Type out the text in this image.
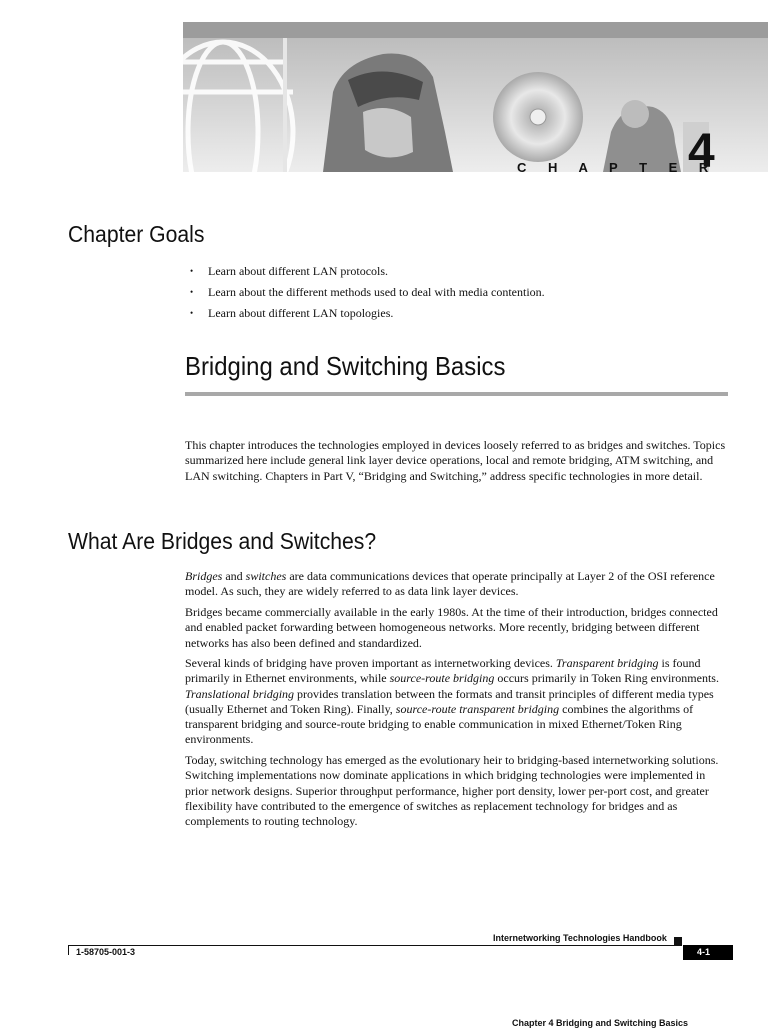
C H A P T E R
4
Chapter Goals
• Learn about different LAN protocols.
• Learn about the different methods used to deal with media contention.
• Learn about different LAN topologies.
Bridging and Switching Basics

This chapter introduces the technologies employed in devices loosely referred to as bridges and switches. Topics summarized here include general link layer device operations, local and remote bridging, ATM switching, and LAN switching. Chapters in Part V, “Bridging and Switching,” address specific technologies in more detail.

What Are Bridges and Switches?

Bridges and switches are data communications devices that operate principally at Layer 2 of the OSI reference model. As such, they are widely referred to as data link layer devices.

Bridges became commercially available in the early 1980s. At the time of their introduction, bridges connected and enabled packet forwarding between homogeneous networks. More recently, bridging between different networks has also been defined and standardized.

Several kinds of bridging have proven important as internetworking devices. Transparent bridging is found primarily in Ethernet environments, while source-route bridging occurs primarily in Token Ring environments. Translational bridging provides translation between the formats and transit principles of different media types (usually Ethernet and Token Ring). Finally, source-route transparent bridging combines the algorithms of transparent bridging and source-route bridging to enable communication in mixed Ethernet/Token Ring environments.

Today, switching technology has emerged as the evolutionary heir to bridging-based internetworking solutions. Switching implementations now dominate applications in which bridging technologies were implemented in prior network designs. Superior throughput performance, higher port density, lower per-port cost, and greater flexibility have contributed to the emergence of switches as replacement technology for bridges and as complements to routing technology.

Internetworking Technologies Handbook
1-58705-001-3	4-1
Chapter 4 Bridging and Switching Basics
